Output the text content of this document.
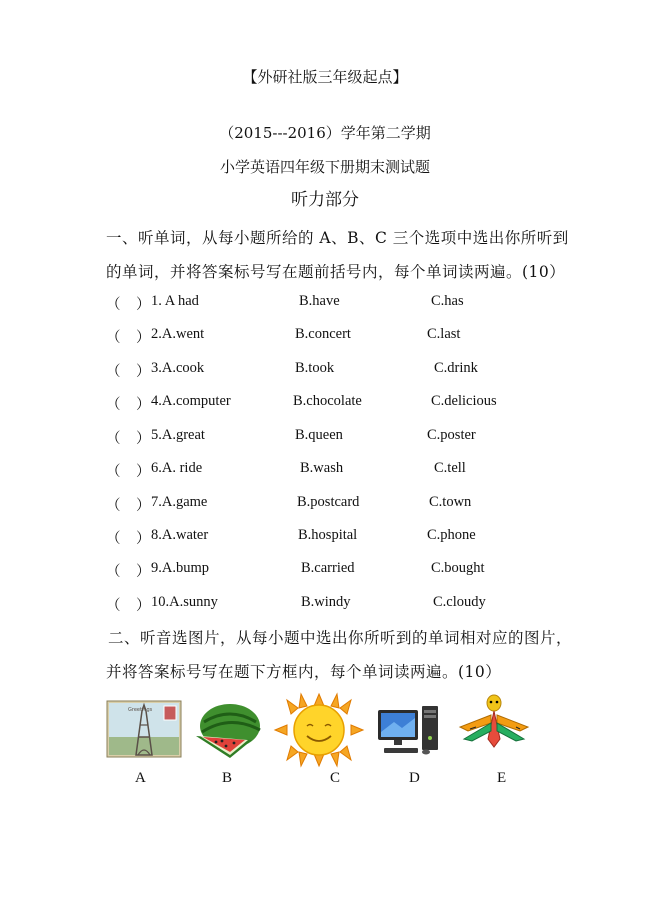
【外研社版三年级起点】
（2015---2016）学年第二学期
小学英语四年级下册期末测试题
听力部分
一、听单词，从每小题所给的 A、B、C 三个选项中选出你所听到
的单词，并将答案标号写在题前括号内，每个单词读两遍。(10）
（ ） 1. A had	B.have	C.has
（ ） 2.A.went	B.concert	C.last
（ ） 3.A.cook	B.took	C.drink
（ ） 4.A.computer	B.chocolate	C.delicious
（ ） 5.A.great	B.queen	C.poster
（ ） 6.A. ride	B.wash	C.tell
（ ） 7.A.game	B.postcard	C.town
（ ） 8.A.water	B.hospital	C.phone
（ ） 9.A.bump	B.carried	C.bought
（ ） 10.A.sunny	B.windy	C.cloudy
二、听音选图片，从每小题中选出你所听到的单词相对应的图片，
并将答案标号写在题下方框内，每个单词读两遍。(10）
Greetings
A	B	C	D	E
